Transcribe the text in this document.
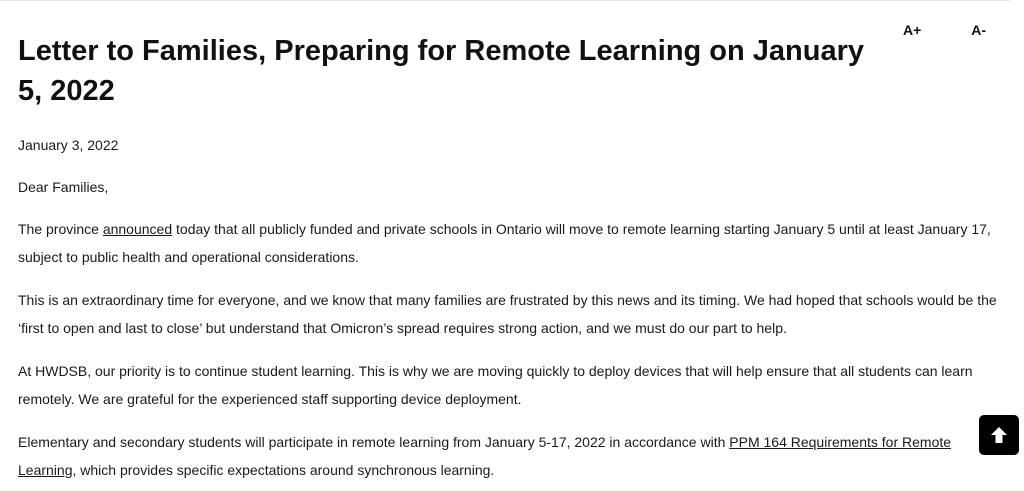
A+	A-
Letter to Families, Preparing for Remote Learning on January 5, 2022

January 3, 2022

Dear Families,

The province announced today that all publicly funded and private schools in Ontario will move to remote learning starting January 5 until at least January 17, subject to public health and operational considerations.

This is an extraordinary time for everyone, and we know that many families are frustrated by this news and its timing. We had hoped that schools would be the ‘first to open and last to close’ but understand that Omicron’s spread requires strong action, and we must do our part to help.

At HWDSB, our priority is to continue student learning. This is why we are moving quickly to deploy devices that will help ensure that all students can learn remotely. We are grateful for the experienced staff supporting device deployment.

Elementary and secondary students will participate in remote learning from January 5-17, 2022 in accordance with PPM 164 Requirements for Remote Learning, which provides specific expectations around synchronous learning.
